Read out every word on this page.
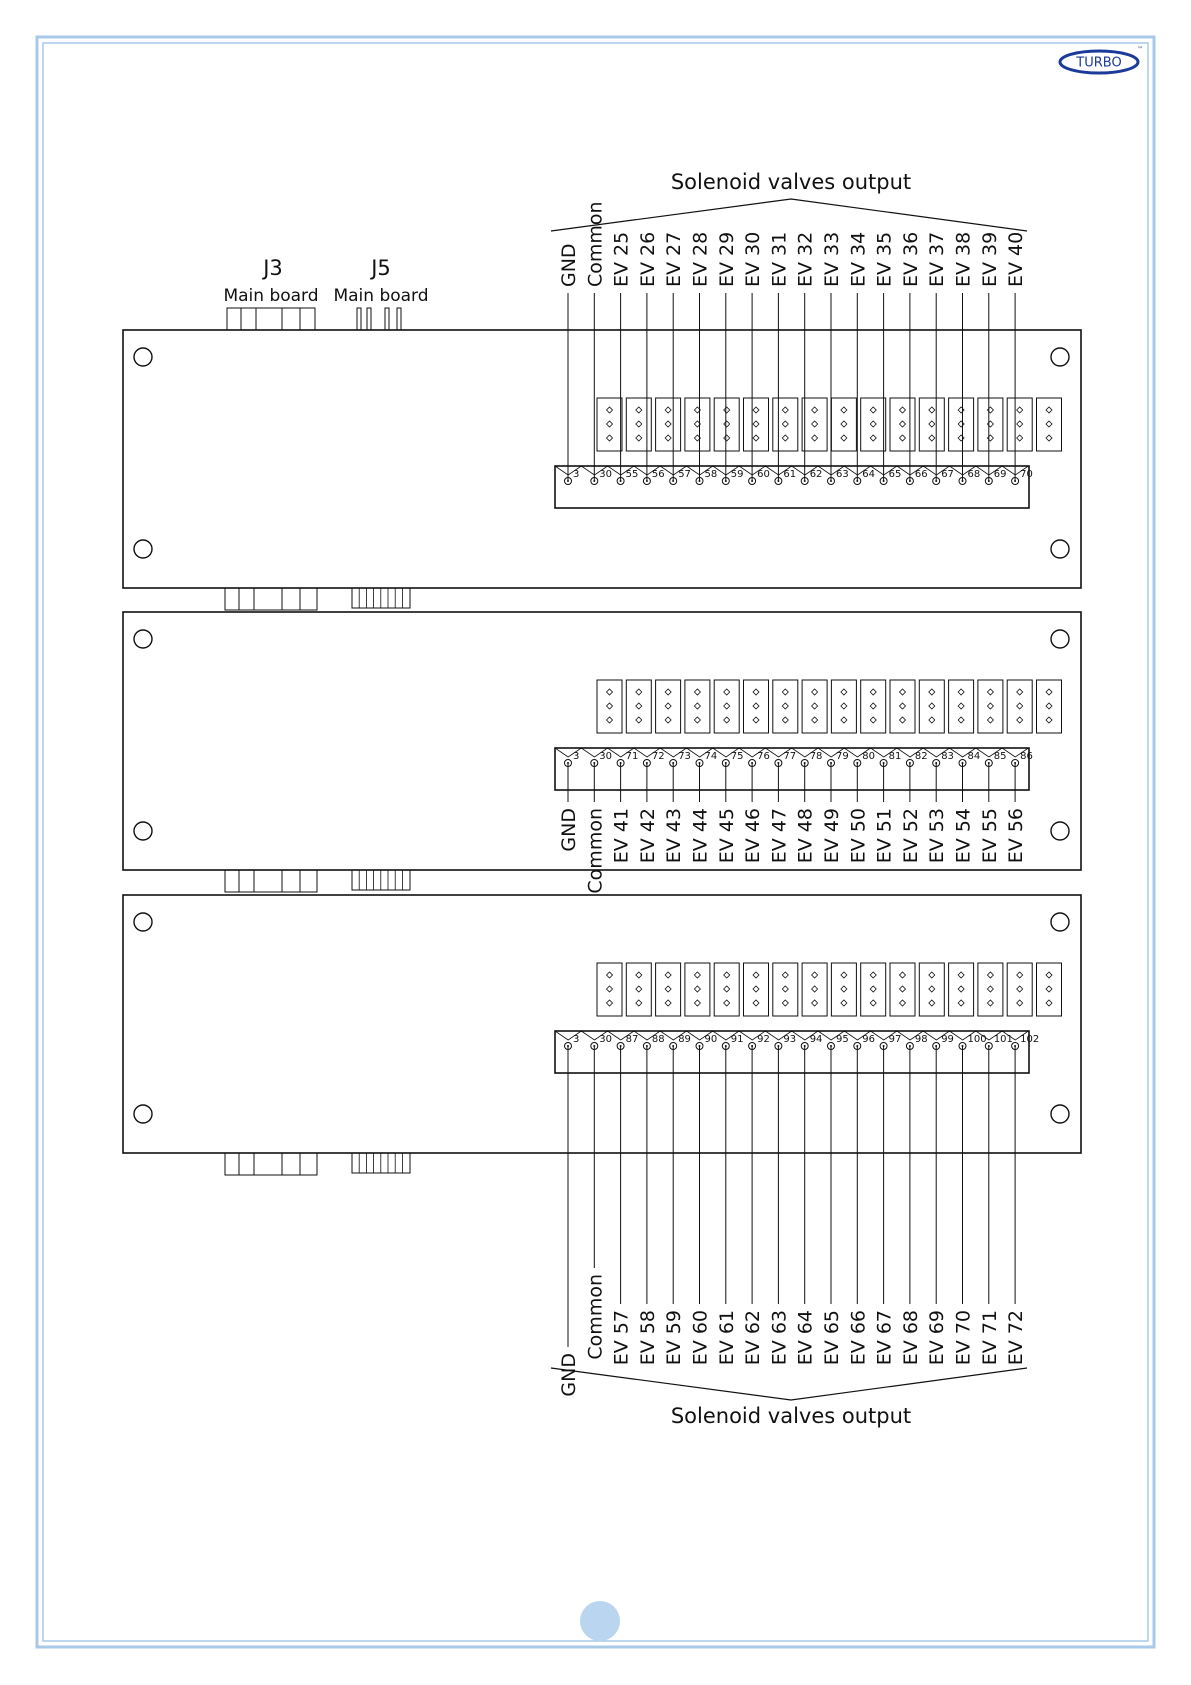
TURBO
™
J3
Main board
J5
Main board
Solenoid valves output
Solenoid valves output
3
GND
30
Common
55
EV 25
56
EV 26
57
EV 27
58
EV 28
59
EV 29
60
EV 30
61
EV 31
62
EV 32
63
EV 33
64
EV 34
65
EV 35
66
EV 36
67
EV 37
68
EV 38
69
EV 39
70
EV 40
3
GND
30
Common
71
EV 41
72
EV 42
73
EV 43
74
EV 44
75
EV 45
76
EV 46
77
EV 47
78
EV 48
79
EV 49
80
EV 50
81
EV 51
82
EV 52
83
EV 53
84
EV 54
85
EV 55
86
EV 56
3
GND
30
Common
87
EV 57
88
EV 58
89
EV 59
90
EV 60
91
EV 61
92
EV 62
93
EV 63
94
EV 64
95
EV 65
96
EV 66
97
EV 67
98
EV 68
99
EV 69
100
EV 70
101
EV 71
102
EV 72
